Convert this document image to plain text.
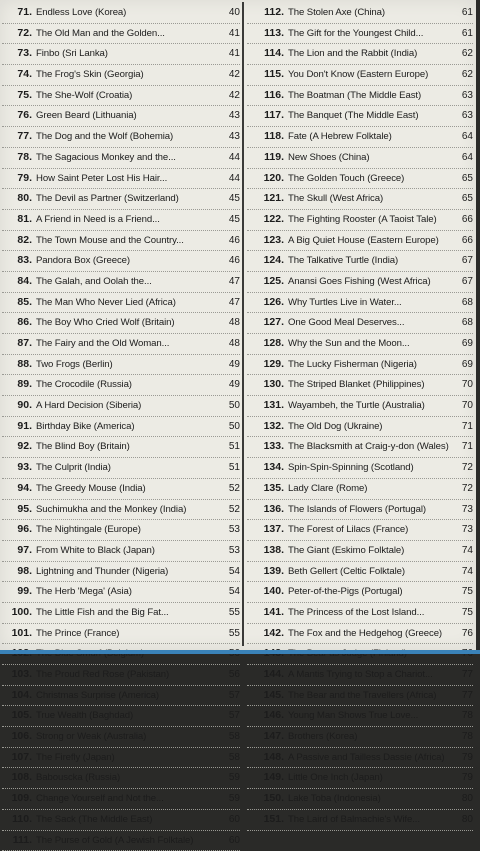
71. Endless Love (Korea)	40
72. The Old Man and the Golden...	41
73. Finbo (Sri Lanka)	41
74. The Frog's Skin (Georgia)	42
75. The She-Wolf (Croatia)	42
76. Green Beard (Lithuania)	43
77. The Dog and the Wolf (Bohemia)	43
78. The Sagacious Monkey and the...	44
79. How Saint Peter Lost His Hair...	44
80. The Devil as Partner (Switzerland)	45
81. A Friend in Need is a Friend...	45
82. The Town Mouse and the Country...	46
83. Pandora Box (Greece)	46
84. The Galah, and Oolah the...	47
85. The Man Who Never Lied (Africa)	47
86. The Boy Who Cried Wolf (Britain)	48
87. The Fairy and the Old Woman...	48
88. Two Frogs (Berlin)	49
89. The Crocodile (Russia)	49
90. A Hard Decision (Siberia)	50
91. Birthday Bike (America)	50
92. The Blind Boy (Britain)	51
93. The Culprit (India)	51
94. The Greedy Mouse (India)	52
95. Suchimukha and the Monkey (India)	52
96. The Nightingale (Europe)	53
97. From White to Black (Japan)	53
98. Lightning and Thunder (Nigeria)	54
99. The Herb 'Mega' (Asia)	54
100. The Little Fish and the Big Fat...	55
101. The Prince (France)	55
103. The Proud Red Rose (Pakistan)	56
104. Christmas Surprise (America)	57
105. True Wealth (Baghdad)	57
106. Strong or Weak (Australia)	58
107. The Firefly (Japan)	58
108. Babouscka (Russia)	59
109. Change Yourself and Not the...	59
110. The Sack (The Middle East)	60
111. The Purse of Gold (A Jewish Folktale)	60
112. The Stolen Axe (China)	61
113. The Gift for the Youngest Child...	61
114. The Lion and the Rabbit (India)	62
115. You Don't Know (Eastern Europe)	62
116. The Boatman (The Middle East)	63
117. The Banquet (The Middle East)	63
118. Fate (A Hebrew Folktale)	64
119. New Shoes (China)	64
120. The Golden Touch (Greece)	65
121. The Skull (West Africa)	65
122. The Fighting Rooster (A Taoist Tale)	66
123. A Big Quiet House (Eastern Europe)	66
124. The Talkative Turtle (India)	67
125. Anansi Goes Fishing (West Africa)	67
126. Why Turtles Live in Water...	68
127. One Good Meal Deserves...	68
128. Why the Sun and the Moon...	69
129. The Lucky Fisherman (Nigeria)	69
130. The Striped Blanket (Philippines)	70
131. Wayambeh, the Turtle (Australia)	70
132. The Old Dog (Ukraine)	71
133. The Blacksmith at Craig-y-don (Wales)	71
134. Spin-Spin-Spinning (Scotland)	72
135. Lady Clare (Rome)	72
136. The Islands of Flowers (Portugal)	73
137. The Forest of Lilacs (France)	73
138. The Giant (Eskimo Folktale)	74
139. Beth Gellert (Celtic Folktale)	74
140. Peter-of-the-Pigs (Portugal)	75
141. The Princess of the Lost Island...	75
142. The Fox and the Hedgehog (Greece)	76
144. A Mantis Trying to Stop a Chariot...	77
145. The Bear and the Travellers (Africa)	77
146. Young Man Shows True Love...	78
147. Brothers (Korea)	78
148. A Passive and Tailless Dassie (Africa)	79
149. Little One Inch (Japan)	79
150. Lake Toba (Indonesia)	80
151. The Laird of Balmachie's Wife...	80
